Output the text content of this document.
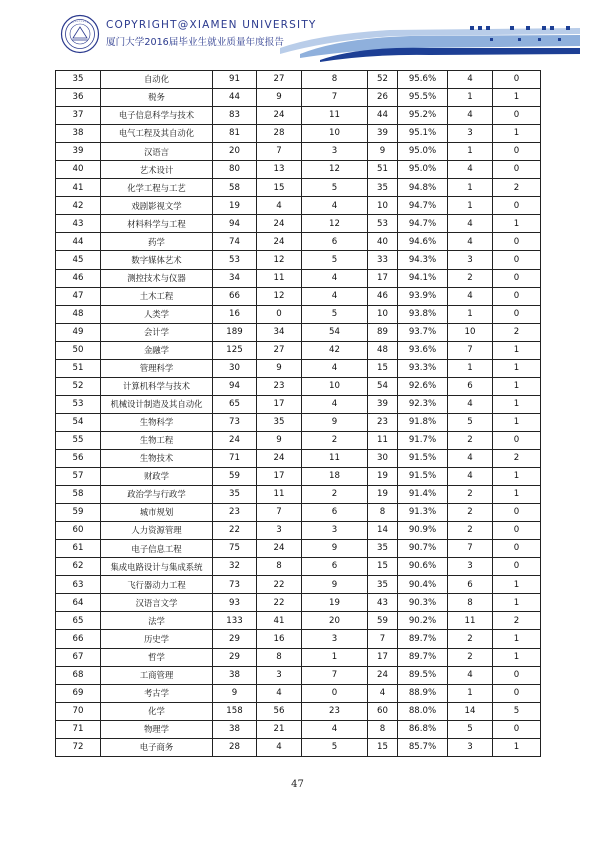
COPYRIGHT@XIAMEN UNIVERSITY
厦门大学2016届毕业生就业质量年度报告
35	自动化	91	27	8	52	95.6%	4	0
36	税务	44	9	7	26	95.5%	1	1
37	电子信息科学与技术	83	24	11	44	95.2%	4	0
38	电气工程及其自动化	81	28	10	39	95.1%	3	1
39	汉语言	20	7	3	9	95.0%	1	0
40	艺术设计	80	13	12	51	95.0%	4	0
41	化学工程与工艺	58	15	5	35	94.8%	1	2
42	戏剧影视文学	19	4	4	10	94.7%	1	0
43	材料科学与工程	94	24	12	53	94.7%	4	1
44	药学	74	24	6	40	94.6%	4	0
45	数字媒体艺术	53	12	5	33	94.3%	3	0
46	测控技术与仪器	34	11	4	17	94.1%	2	0
47	土木工程	66	12	4	46	93.9%	4	0
48	人类学	16	0	5	10	93.8%	1	0
49	会计学	189	34	54	89	93.7%	10	2
50	金融学	125	27	42	48	93.6%	7	1
51	管理科学	30	9	4	15	93.3%	1	1
52	计算机科学与技术	94	23	10	54	92.6%	6	1
53	机械设计制造及其自动化	65	17	4	39	92.3%	4	1
54	生物科学	73	35	9	23	91.8%	5	1
55	生物工程	24	9	2	11	91.7%	2	0
56	生物技术	71	24	11	30	91.5%	4	2
57	财政学	59	17	18	19	91.5%	4	1
58	政治学与行政学	35	11	2	19	91.4%	2	1
59	城市规划	23	7	6	8	91.3%	2	0
60	人力资源管理	22	3	3	14	90.9%	2	0
61	电子信息工程	75	24	9	35	90.7%	7	0
62	集成电路设计与集成系统	32	8	6	15	90.6%	3	0
63	飞行器动力工程	73	22	9	35	90.4%	6	1
64	汉语言文学	93	22	19	43	90.3%	8	1
65	法学	133	41	20	59	90.2%	11	2
66	历史学	29	16	3	7	89.7%	2	1
67	哲学	29	8	1	17	89.7%	2	1
68	工商管理	38	3	7	24	89.5%	4	0
69	考古学	9	4	0	4	88.9%	1	0
70	化学	158	56	23	60	88.0%	14	5
71	物理学	38	21	4	8	86.8%	5	0
72	电子商务	28	4	5	15	85.7%	3	1
47
